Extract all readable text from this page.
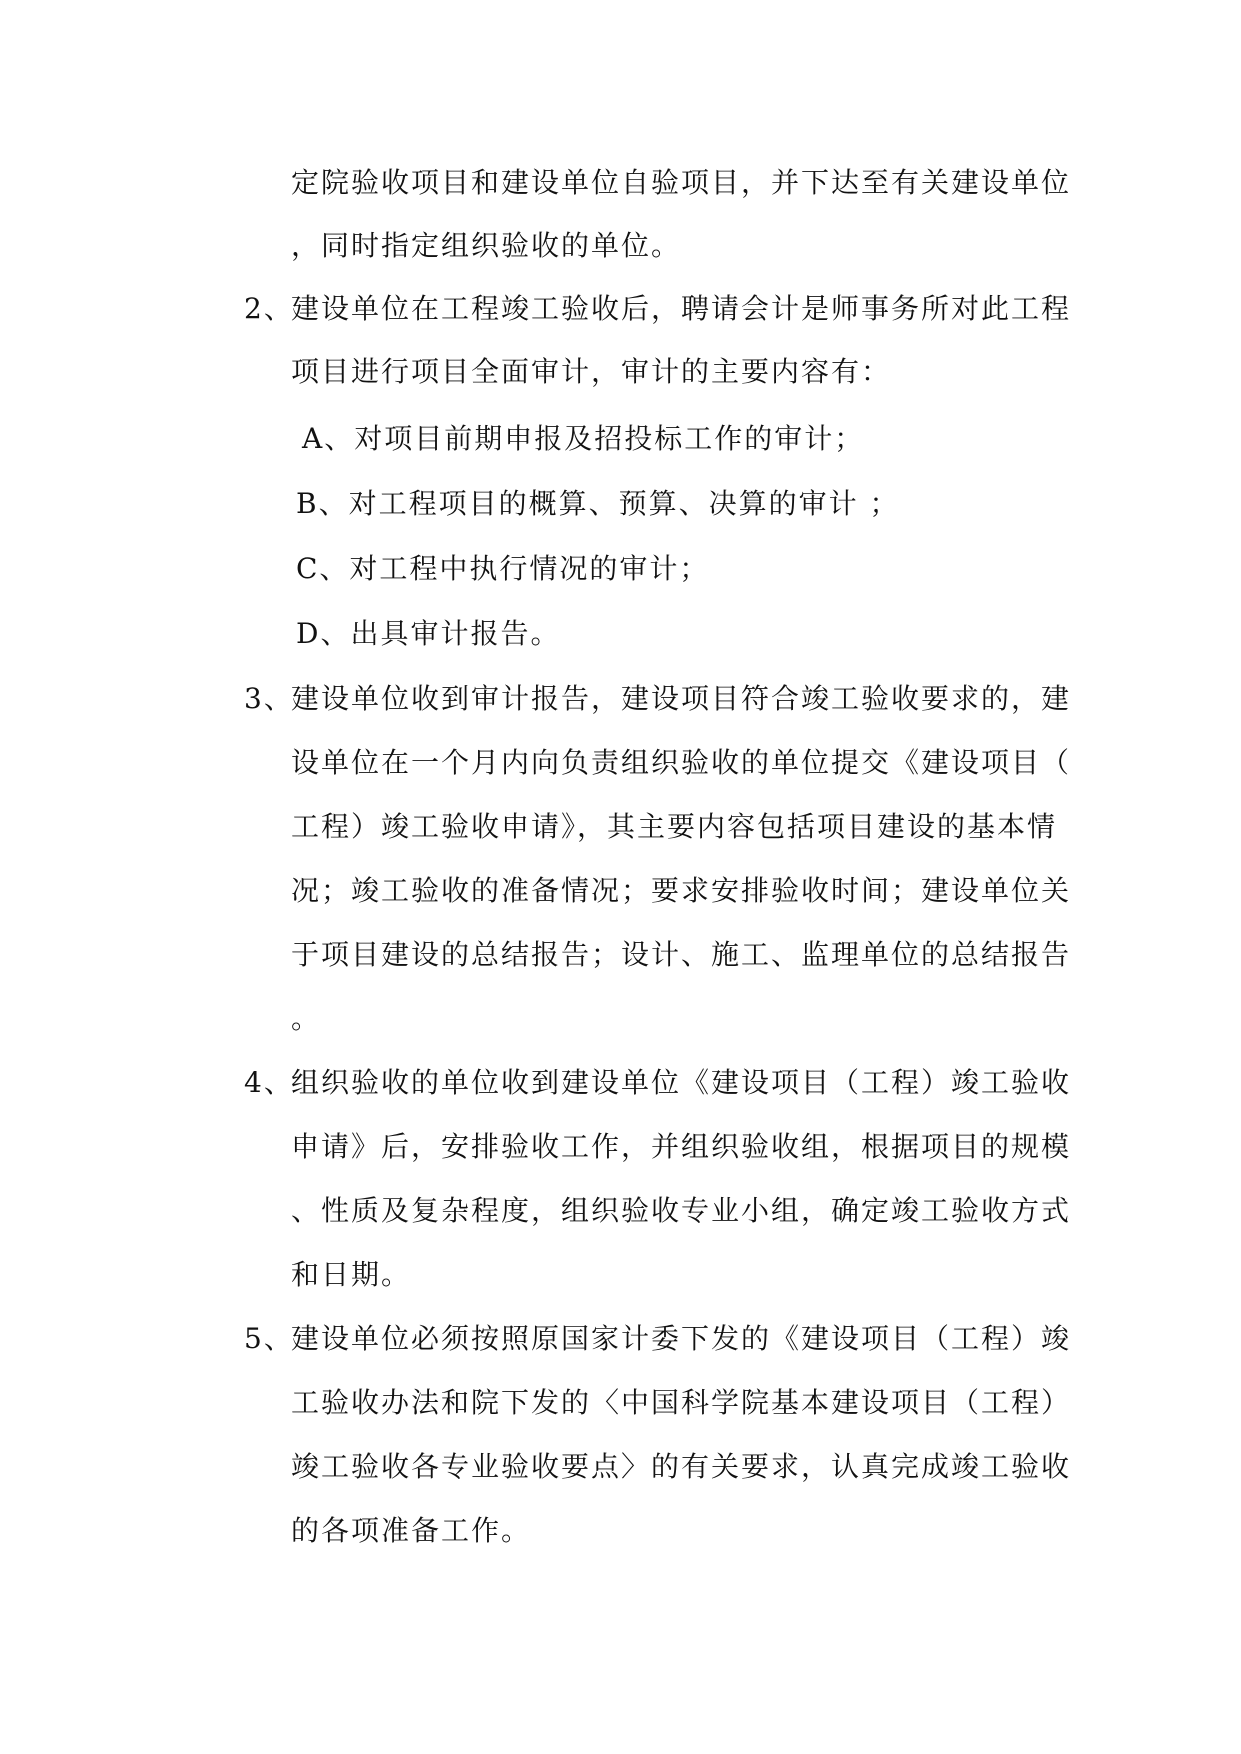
定院验收项目和建设单位自验项目，并下达至有关建设单位
，同时指定组织验收的单位。
2、
建设单位在工程竣工验收后，聘请会计是师事务所对此工程
项目进行项目全面审计，审计的主要内容有：
A、对项目前期申报及招投标工作的审计；
B、对工程项目的概算、预算、决算的审计 ；
C、对工程中执行情况的审计；
D、出具审计报告。
3、
建设单位收到审计报告，建设项目符合竣工验收要求的，建
设单位在一个月内向负责组织验收的单位提交《建设项目（
工程）竣工验收申请》，其主要内容包括项目建设的基本情
况；竣工验收的准备情况；要求安排验收时间；建设单位关
于项目建设的总结报告；设计、施工、监理单位的总结报告
。
4、
组织验收的单位收到建设单位《建设项目（工程）竣工验收
申请》后，安排验收工作，并组织验收组，根据项目的规模
、性质及复杂程度，组织验收专业小组，确定竣工验收方式
和日期。
5、
建设单位必须按照原国家计委下发的《建设项目（工程）竣
工验收办法和院下发的〈中国科学院基本建设项目（工程）
竣工验收各专业验收要点〉的有关要求，认真完成竣工验收
的各项准备工作。
